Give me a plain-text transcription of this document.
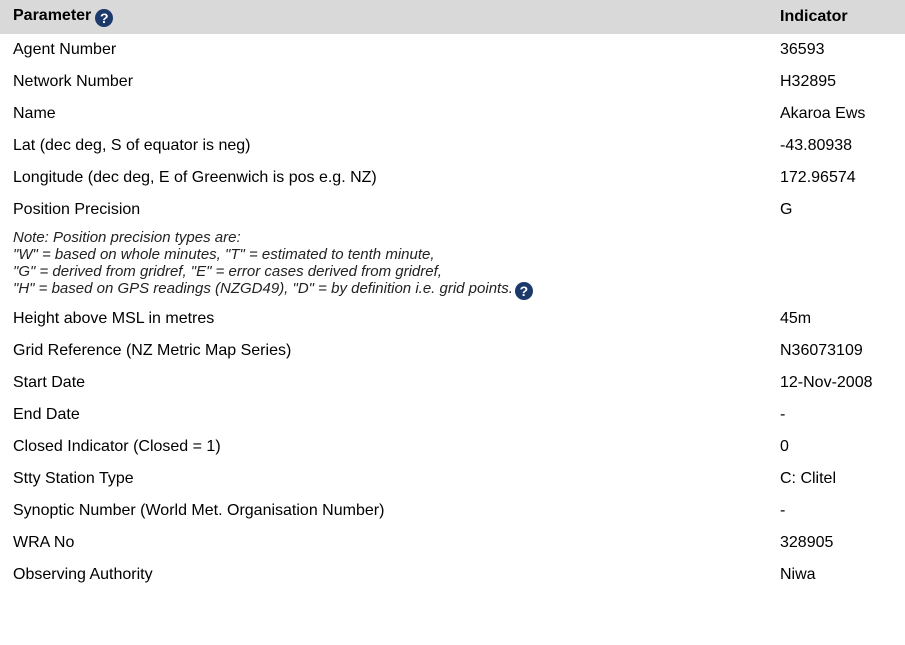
Parameter ?	Indicator
Agent Number	36593
Network Number	H32895
Name	Akaroa Ews
Lat (dec deg, S of equator is neg)	-43.80938
Longitude (dec deg, E of Greenwich is pos e.g. NZ)	172.96574
Position Precision	G

Note: Position precision types are:
"W" = based on whole minutes, "T" = estimated to tenth minute,
"G" = derived from gridref, "E" = error cases derived from gridref,
"H" = based on GPS readings (NZGD49), "D" = by definition i.e. grid points. ?	

Height above MSL in metres	45m
Grid Reference (NZ Metric Map Series)	N36073109
Start Date	12-Nov-2008
End Date	-
Closed Indicator (Closed = 1)	0
Stty Station Type	C: Clitel
Synoptic Number (World Met. Organisation Number)	-
WRA No	328905
Observing Authority	Niwa
